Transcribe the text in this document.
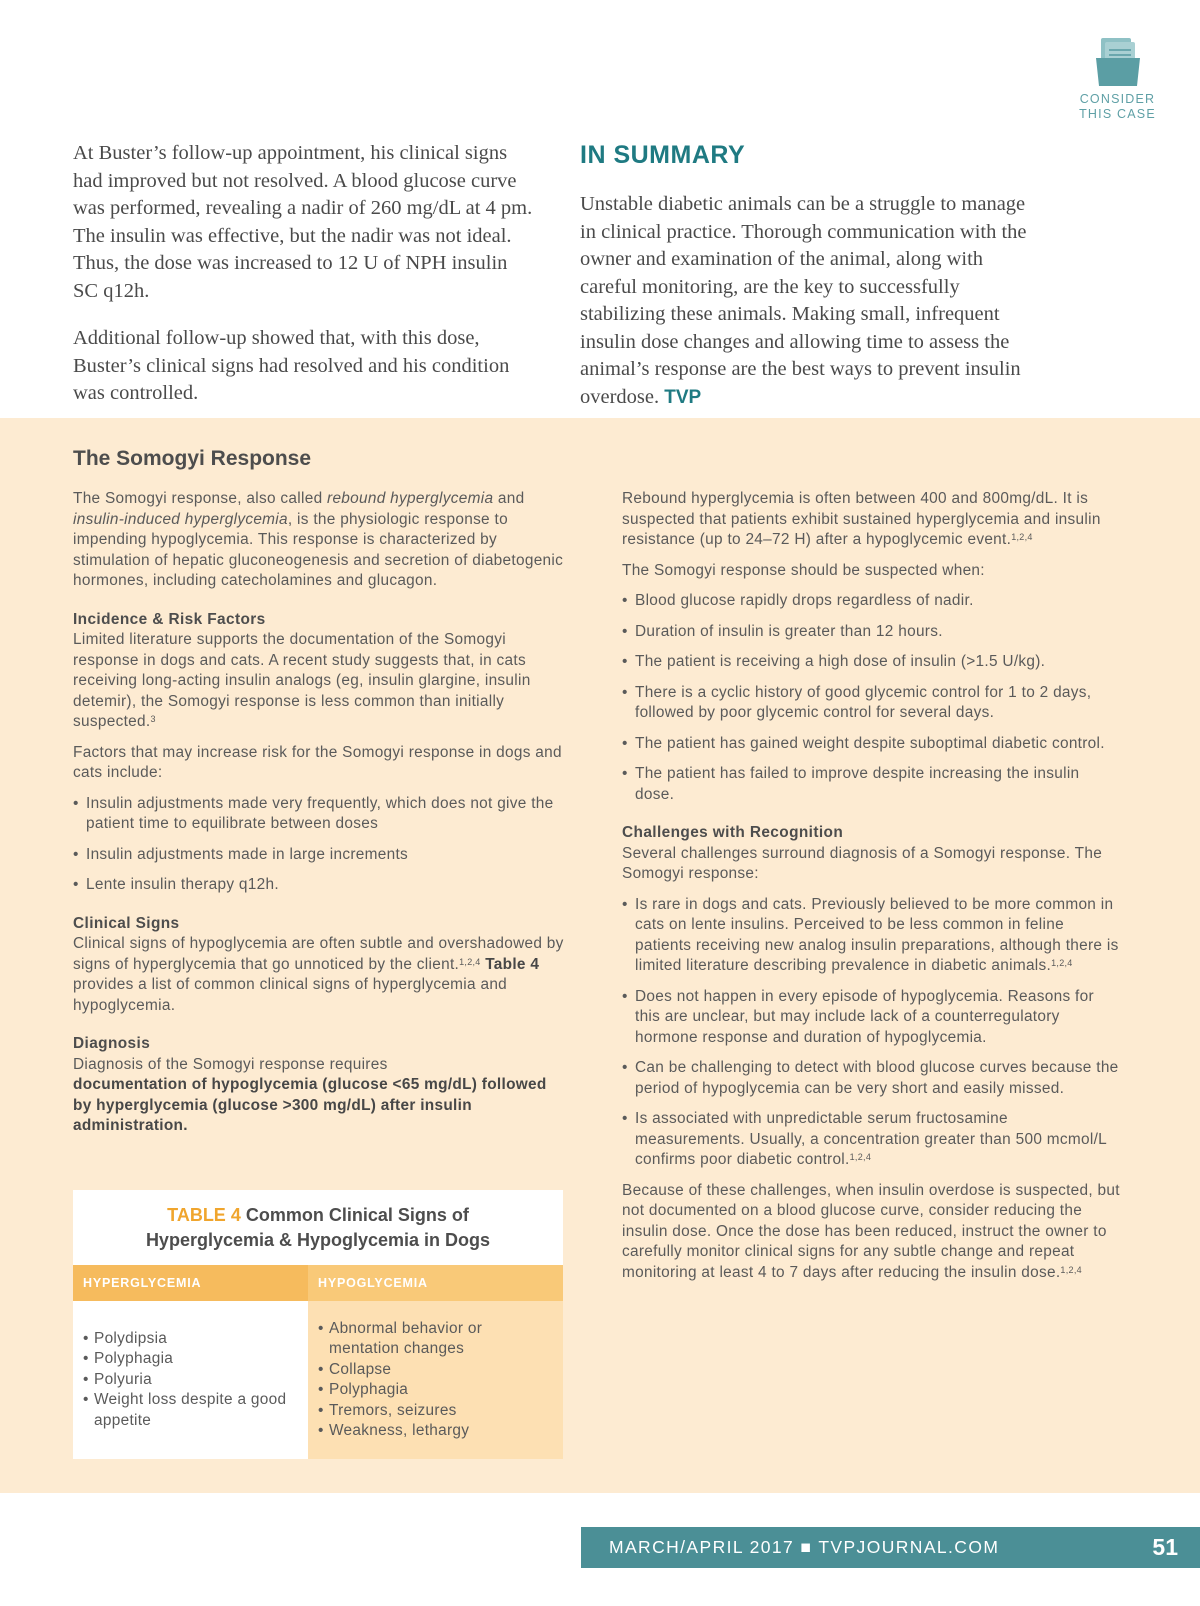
CONSIDER
THIS CASE

At Buster’s follow-up appointment, his clinical signs had improved but not resolved. A blood glucose curve was performed, revealing a nadir of 260 mg/dL at 4 pm. The insulin was effective, but the nadir was not ideal. Thus, the dose was increased to 12 U of NPH insulin SC q12h.

Additional follow-up showed that, with this dose, Buster’s clinical signs had resolved and his condition was controlled.

IN SUMMARY

Unstable diabetic animals can be a struggle to manage in clinical practice. Thorough communication with the owner and examination of the animal, along with careful monitoring, are the key to successfully stabilizing these animals. Making small, infrequent insulin dose changes and allowing time to assess the animal’s response are the best ways to prevent insulin overdose. TVP

The Somogyi Response

The Somogyi response, also called rebound hyperglycemia and insulin-induced hyperglycemia, is the physiologic response to impending hypoglycemia. This response is characterized by stimulation of hepatic gluconeogenesis and secretion of diabetogenic hormones, including catecholamines and glucagon.

Incidence & Risk Factors

Limited literature supports the documentation of the Somogyi response in dogs and cats. A recent study suggests that, in cats receiving long-acting insulin analogs (eg, insulin glargine, insulin detemir), the Somogyi response is less common than initially suspected.$^3$

Factors that may increase risk for the Somogyi response in dogs and cats include:

• Insulin adjustments made very frequently, which does not give the patient time to equilibrate between doses
• Insulin adjustments made in large increments
• Lente insulin therapy q12h.
Clinical Signs

Clinical signs of hypoglycemia are often subtle and overshadowed by signs of hyperglycemia that go unnoticed by the client.$^{1,2,4}$ Table 4 provides a list of common clinical signs of hyperglycemia and hypoglycemia.

Diagnosis

Diagnosis of the Somogyi response requires
documentation of hypoglycemia (glucose <65 mg/dL) followed by hyperglycemia (glucose >300 mg/dL) after insulin administration.

TABLE 4 Common Clinical Signs of
Hyperglycemia & Hypoglycemia in Dogs
HYPERGLYCEMIA
• Polydipsia
• Polyphagia
• Polyuria
• Weight loss despite a good appetite
HYPOGLYCEMIA
• Abnormal behavior or mentation changes
• Collapse
• Polyphagia
• Tremors, seizures
• Weakness, lethargy

Rebound hyperglycemia is often between 400 and 800mg/dL. It is suspected that patients exhibit sustained hyperglycemia and insulin resistance (up to 24–72 H) after a hypoglycemic event.$^{1,2,4}$

The Somogyi response should be suspected when:

• Blood glucose rapidly drops regardless of nadir.
• Duration of insulin is greater than 12 hours.
• The patient is receiving a high dose of insulin (>1.5 U/kg).
• There is a cyclic history of good glycemic control for 1 to 2 days, followed by poor glycemic control for several days.
• The patient has gained weight despite suboptimal diabetic control.
• The patient has failed to improve despite increasing the insulin dose.
Challenges with Recognition

Several challenges surround diagnosis of a Somogyi response. The Somogyi response:

• Is rare in dogs and cats. Previously believed to be more common in cats on lente insulins. Perceived to be less common in feline patients receiving new analog insulin preparations, although there is limited literature describing prevalence in diabetic animals.$^{1,2,4}$
• Does not happen in every episode of hypoglycemia. Reasons for this are unclear, but may include lack of a counterregulatory hormone response and duration of hypoglycemia.
• Can be challenging to detect with blood glucose curves because the period of hypoglycemia can be very short and easily missed.
• Is associated with unpredictable serum fructosamine measurements. Usually, a concentration greater than 500 mcmol/L confirms poor diabetic control.$^{1,2,4}$

Because of these challenges, when insulin overdose is suspected, but not documented on a blood glucose curve, consider reducing the insulin dose. Once the dose has been reduced, instruct the owner to carefully monitor clinical signs for any subtle change and repeat monitoring at least 4 to 7 days after reducing the insulin dose.$^{1,2,4}$

MARCH/APRIL 2017 ■ TVPJOURNAL.COM	51
